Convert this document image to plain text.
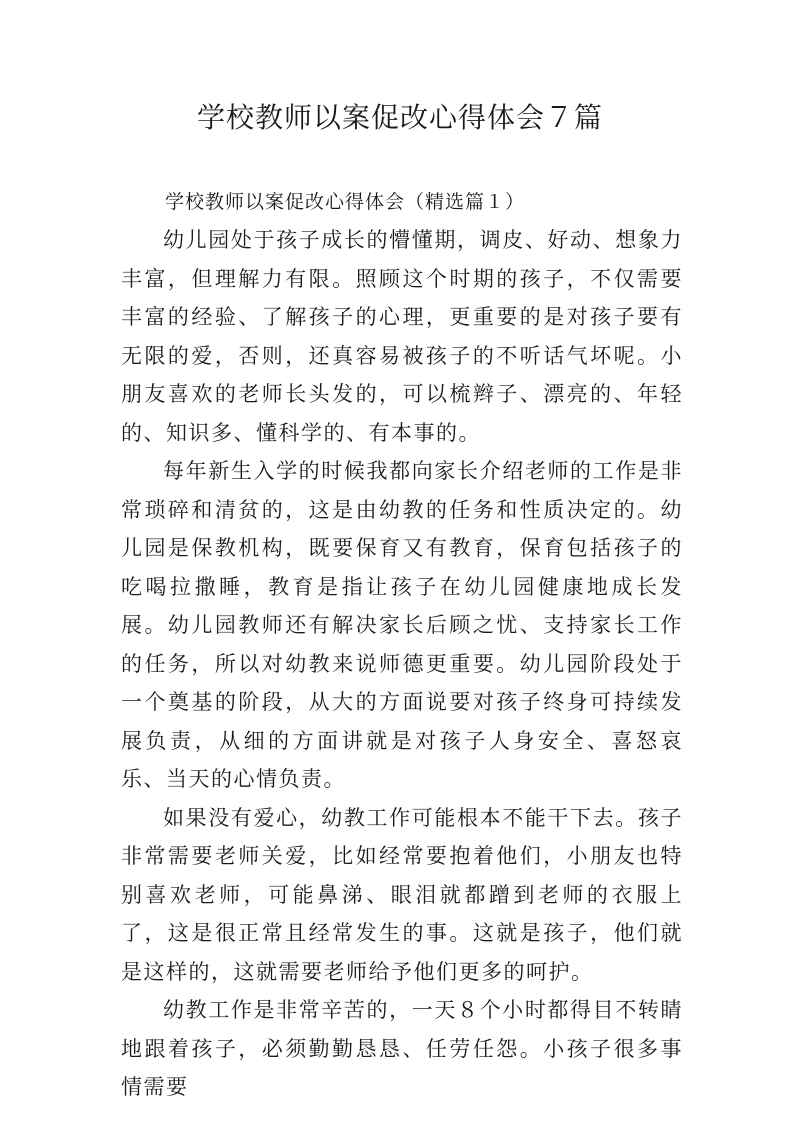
学校教师以案促改心得体会７篇

学校教师以案促改心得体会（精选篇１）

幼儿园处于孩子成长的懵懂期，调皮、好动、想象力丰富，但理解力有限。照顾这个时期的孩子，不仅需要丰富的经验、了解孩子的心理，更重要的是对孩子要有无限的爱，否则，还真容易被孩子的不听话气坏呢。小朋友喜欢的老师长头发的，可以梳辫子、漂亮的、年轻的、知识多、懂科学的、有本事的。

每年新生入学的时候我都向家长介绍老师的工作是非常琐碎和清贫的，这是由幼教的任务和性质决定的。幼儿园是保教机构，既要保育又有教育，保育包括孩子的吃喝拉撒睡，教育是指让孩子在幼儿园健康地成长发展。幼儿园教师还有解决家长后顾之忧、支持家长工作的任务，所以对幼教来说师德更重要。幼儿园阶段处于一个奠基的阶段，从大的方面说要对孩子终身可持续发展负责，从细的方面讲就是对孩子人身安全、喜怒哀乐、当天的心情负责。

如果没有爱心，幼教工作可能根本不能干下去。孩子非常需要老师关爱，比如经常要抱着他们，小朋友也特别喜欢老师，可能鼻涕、眼泪就都蹭到老师的衣服上了，这是很正常且经常发生的事。这就是孩子，他们就是这样的，这就需要老师给予他们更多的呵护。

幼教工作是非常辛苦的，一天８个小时都得目不转睛地跟着孩子，必须勤勤恳恳、任劳任怨。小孩子很多事情需要
